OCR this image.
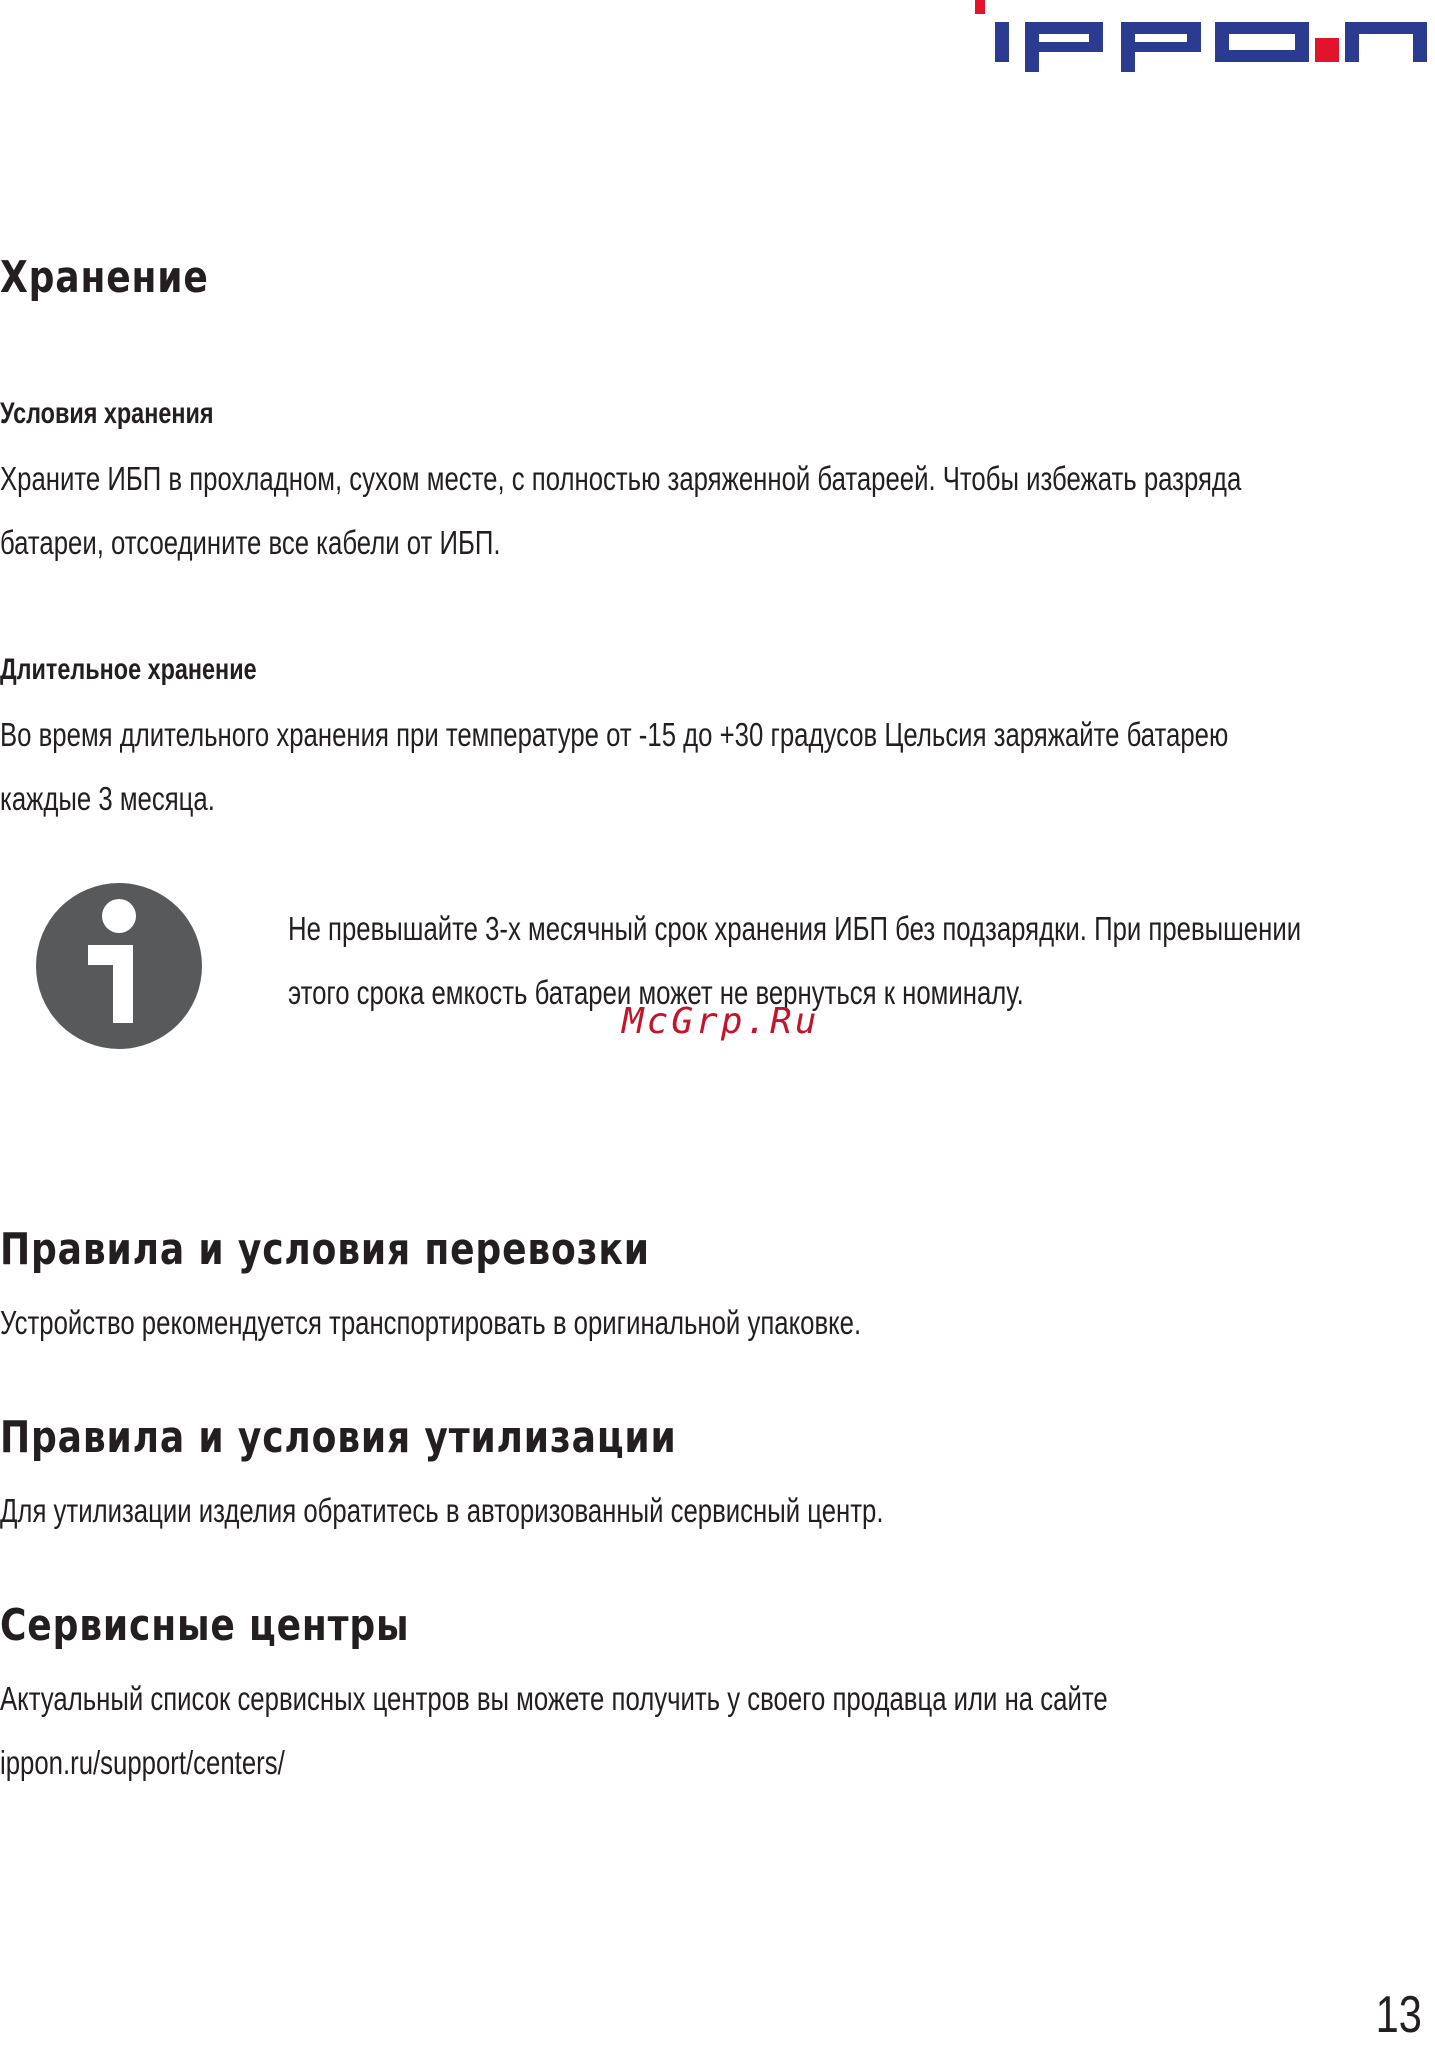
Хранение
Условия хранения

Храните ИБП в прохладном, сухом месте, с полностью заряженной батареей. Чтобы избежать разряда
батареи, отсоедините все кабели от ИБП.

Длительное хранение

Во время длительного хранения при температуре от -15 до +30 градусов Цельсия заряжайте батарею
каждые 3 месяца.

Не превышайте 3-х месячный срок хранения ИБП без подзарядки. При превышении
этого срока емкость батареи может не вернуться к номиналу.

McGrp.Ru
Правила и условия перевозки

Устройство рекомендуется транспортировать в оригинальной упаковке.

Правила и условия утилизации

Для утилизации изделия обратитесь в авторизованный сервисный центр.

Сервисные центры

Актуальный список сервисных центров вы можете получить у своего продавца или на сайте
ippon.ru/support/centers/

13
